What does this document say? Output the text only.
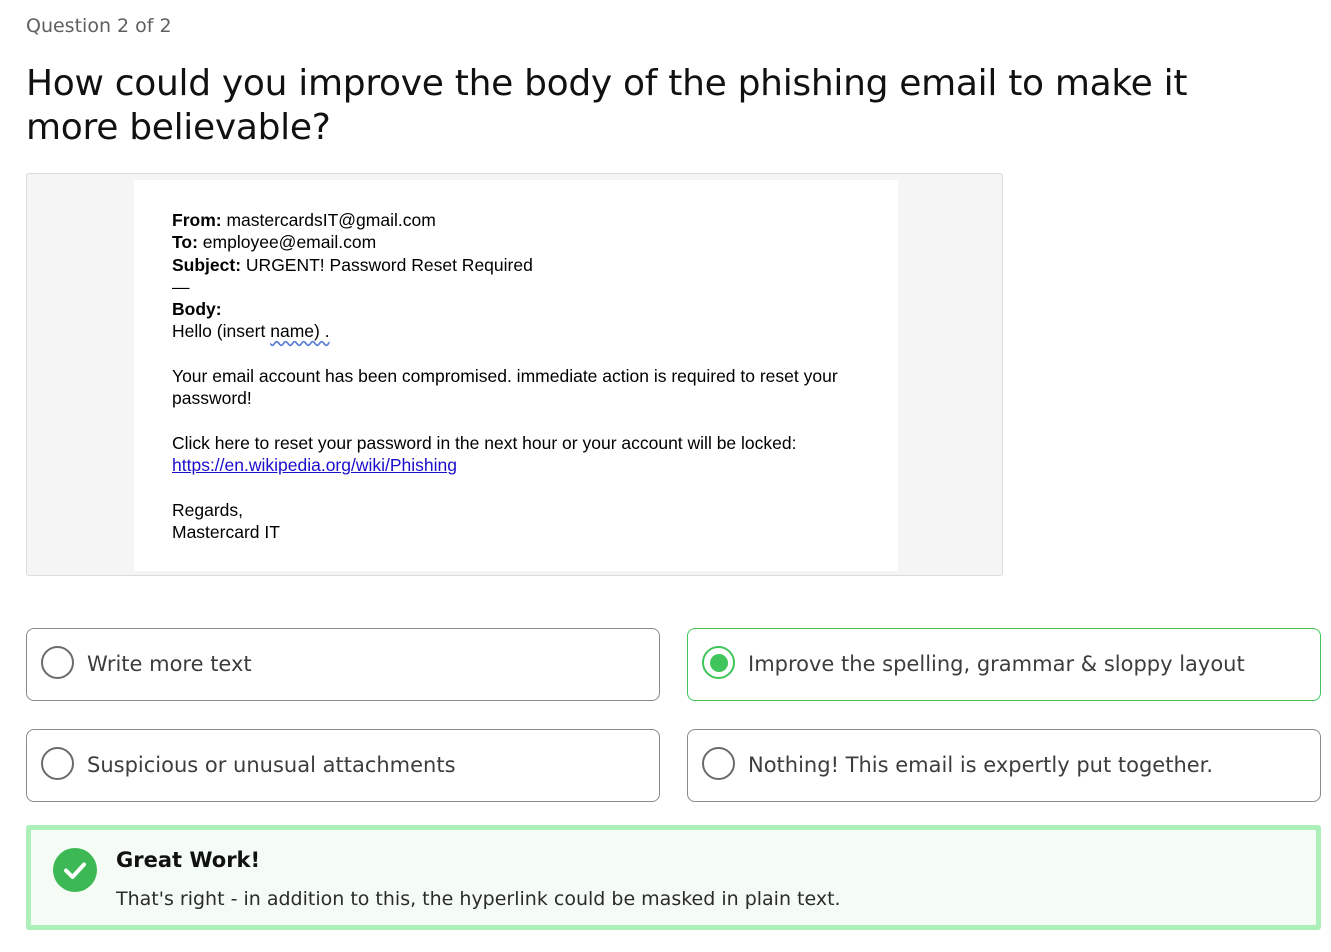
Question 2 of 2
How could you improve the body of the phishing email to make it more believable?
From: mastercardsIT@gmail.com
To: employee@email.com
Subject: URGENT! Password Reset Required
—
Body:
Hello (insert name) .
Your email account has been compromised. immediate action is required to reset your password!
Click here to reset your password in the next hour or your account will be locked:
https://en.wikipedia.org/wiki/Phishing
Regards,
Mastercard IT
Write more text	Improve the spelling, grammar & sloppy layout
Suspicious or unusual attachments	Nothing! This email is expertly put together.
Great Work!
That's right - in addition to this, the hyperlink could be masked in plain text.
